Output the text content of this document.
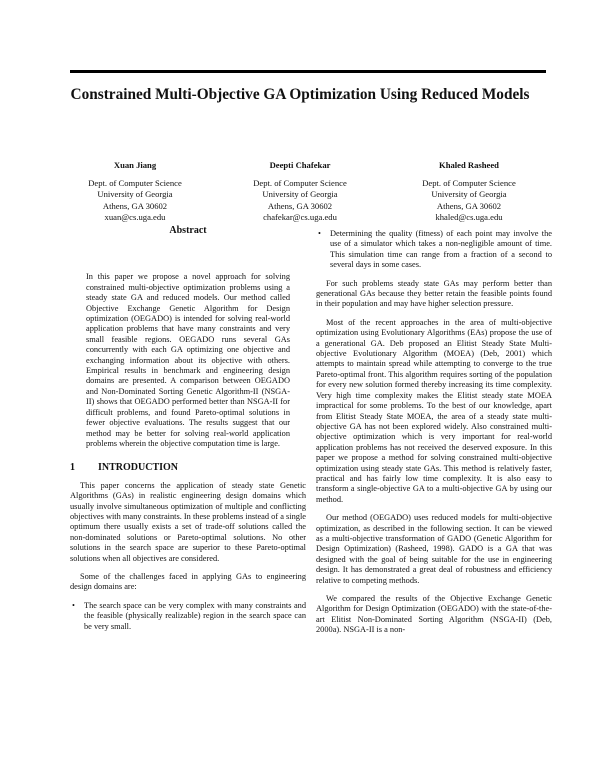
Constrained Multi-Objective GA Optimization Using Reduced Models
Xuan Jiang
Dept. of Computer Science
University of Georgia
Athens, GA 30602
xuan@cs.uga.edu
Deepti Chafekar
Dept. of Computer Science
University of Georgia
Athens, GA 30602
chafekar@cs.uga.edu
Khaled Rasheed
Dept. of Computer Science
University of Georgia
Athens, GA 30602
khaled@cs.uga.edu
Abstract
In this paper we propose a novel approach for solving constrained multi-objective optimization problems using a steady state GA and reduced models. Our method called Objective Exchange Genetic Algorithm for Design optimization (OEGADO) is intended for solving real-world application problems that have many constraints and very small feasible regions. OEGADO runs several GAs concurrently with each GA optimizing one objective and exchanging information about its objective with others. Empirical results in benchmark and engineering design domains are presented. A comparison between OEGADO and Non-Dominated Sorting Genetic Algorithm-II (NSGA-II) shows that OEGADO performed better than NSGA-II for difficult problems, and found Pareto-optimal solutions in fewer objective evaluations. The results suggest that our method may be better for solving real-world application problems wherein the objective computation time is large.
1 INTRODUCTION

This paper concerns the application of steady state Genetic Algorithms (GAs) in realistic engineering design domains which usually involve simultaneous optimization of multiple and conflicting objectives with many constraints. In these problems instead of a single optimum there usually exists a set of trade-off solutions called the non-dominated solutions or Pareto-optimal solutions. No other solutions in the search space are superior to these Pareto-optimal solutions when all objectives are considered.

Some of the challenges faced in applying GAs to engineering design domains are:

• The search space can be very complex with many constraints and the feasible (physically realizable) region in the search space can be very small.
• Determining the quality (fitness) of each point may involve the use of a simulator which takes a non-negligible amount of time. This simulation time can range from a fraction of a second to several days in some cases.

For such problems steady state GAs may perform better than generational GAs because they better retain the feasible points found in their population and may have higher selection pressure.

Most of the recent approaches in the area of multi-objective optimization using Evolutionary Algorithms (EAs) propose the use of a generational GA. Deb proposed an Elitist Steady State Multi-objective Evolutionary Algorithm (MOEA) (Deb, 2001) which attempts to maintain spread while attempting to converge to the true Pareto-optimal front. This algorithm requires sorting of the population for every new solution formed thereby increasing its time complexity. Very high time complexity makes the Elitist steady state MOEA impractical for some problems. To the best of our knowledge, apart from Elitist Steady State MOEA, the area of a steady state multi-objective GA has not been explored widely. Also constrained multi-objective optimization which is very important for real-world application problems has not received the deserved exposure. In this paper we propose a method for solving constrained multi-objective optimization using steady state GAs. This method is relatively faster, practical and has fairly low time complexity. It is also easy to transform a single-objective GA to a multi-objective GA by using our method.

Our method (OEGADO) uses reduced models for multi-objective optimization, as described in the following section. It can be viewed as a multi-objective transformation of GADO (Genetic Algorithm for Design Optimization) (Rasheed, 1998). GADO is a GA that was designed with the goal of being suitable for the use in engineering design. It has demonstrated a great deal of robustness and efficiency relative to competing methods.

We compared the results of the Objective Exchange Genetic Algorithm for Design Optimization (OEGADO) with the state-of-the-art Elitist Non-Dominated Sorting Algorithm (NSGA-II) (Deb, 2000a). NSGA-II is a non-
